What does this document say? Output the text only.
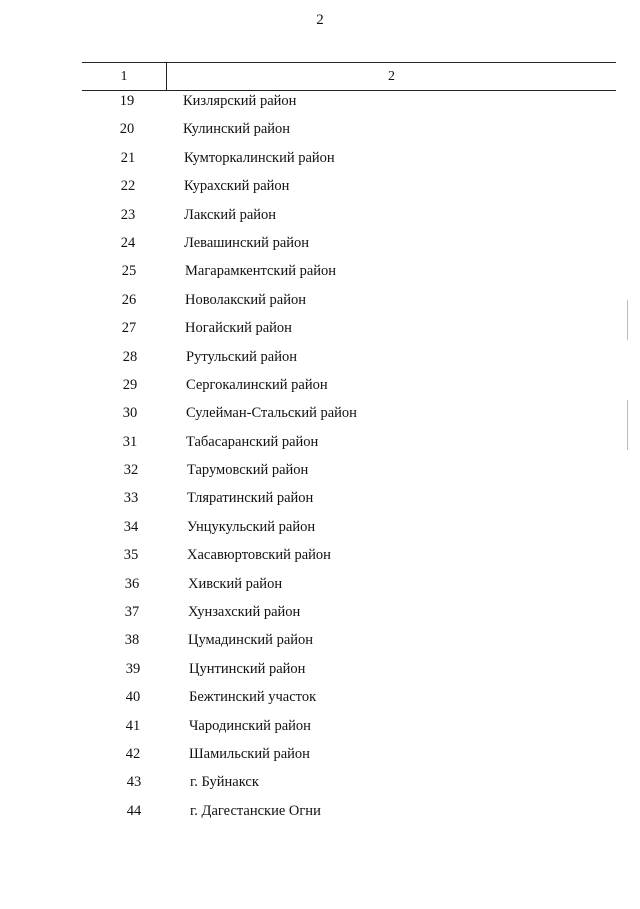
2
1	2
19	Кизлярский район
20	Кулинский район
21	Кумторкалинский район
22	Курахский район
23	Лакский район
24	Левашинский район
25	Магарамкентский район
26	Новолакский район
27	Ногайский район
28	Рутульский район
29	Сергокалинский район
30	Сулейман-Стальский район
31	Табасаранский район
32	Тарумовский район
33	Тляратинский район
34	Унцукульский район
35	Хасавюртовский район
36	Хивский район
37	Хунзахский район
38	Цумадинский район
39	Цунтинский район
40	Бежтинский участок
41	Чародинский район
42	Шамильский район
43	г. Буйнакск
44	г. Дагестанские Огни
